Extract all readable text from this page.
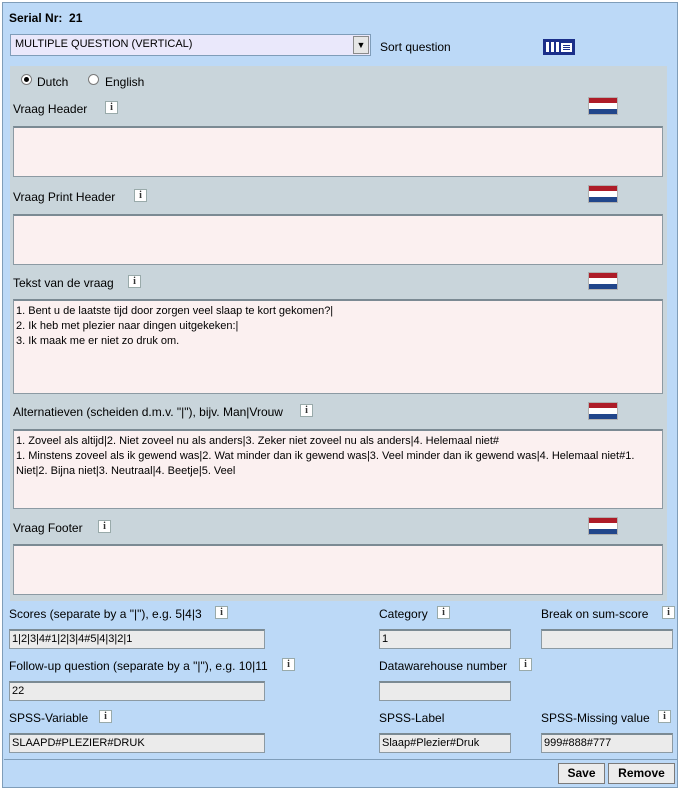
Serial Nr: 21
MULTIPLE QUESTION (VERTICAL)	▼ Sort question
Dutch	English
Vraag Header	i
Vraag Print Header	i
Tekst van de vraag	i
1. Bent u de laatste tijd door zorgen veel slaap te kort gekomen?|
2. Ik heb met plezier naar dingen uitgekeken:|
3. Ik maak me er niet zo druk om.
Alternatieven (scheiden d.m.v. "|"), bijv. Man|Vrouw	i
1. Zoveel als altijd|2. Niet zoveel nu als anders|3. Zeker niet zoveel nu als anders|4. Helemaal niet#
1. Minstens zoveel als ik gewend was|2. Wat minder dan ik gewend was|3. Veel minder dan ik gewend was|4. Helemaal niet#1. Niet|2. Bijna niet|3. Neutraal|4. Beetje|5. Veel
Vraag Footer	i
Scores (separate by a "|"), e.g. 5|4|3	i
1|2|3|4#1|2|3|4#5|4|3|2|1
Category	i
1
Break on sum-score	i
Follow-up question (separate by a "|"), e.g. 10|11	i
22
Datawarehouse number	i
SPSS-Variable	i
SLAAPD#PLEZIER#DRUK
SPSS-Label
Slaap#Plezier#Druk
SPSS-Missing value	i
999#888#777
Save	Remove
